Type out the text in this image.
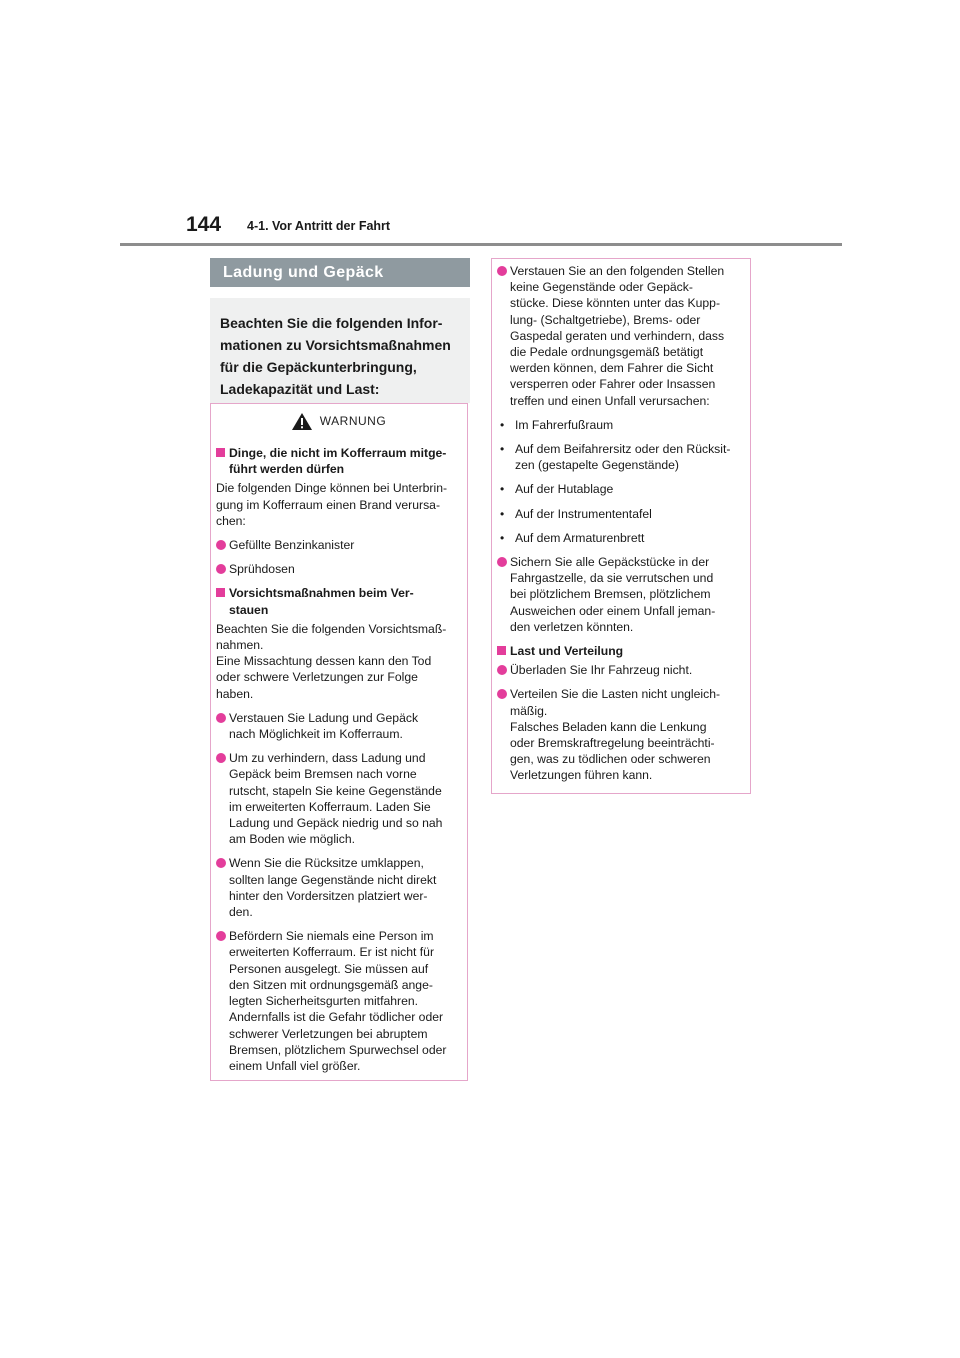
144 4-1. Vor Antritt der Fahrt
Ladung und Gepäck
Beachten Sie die folgenden Infor-
mationen zu Vorsichtsmaßnahmen
für die Gepäckunterbringung,
Ladekapazität und Last:
WARNUNG
Dinge, die nicht im Kofferraum mitge-
führt werden dürfen
Die folgenden Dinge können bei Unterbrin-
gung im Kofferraum einen Brand verursa-
chen:
Gefüllte Benzinkanister
Sprühdosen
Vorsichtsmaßnahmen beim Ver-
stauen
Beachten Sie die folgenden Vorsichtsmaß-
nahmen.
Eine Missachtung dessen kann den Tod
oder schwere Verletzungen zur Folge
haben.
Verstauen Sie Ladung und Gepäck
nach Möglichkeit im Kofferraum.
Um zu verhindern, dass Ladung und
Gepäck beim Bremsen nach vorne
rutscht, stapeln Sie keine Gegenstände
im erweiterten Kofferraum. Laden Sie
Ladung und Gepäck niedrig und so nah
am Boden wie möglich.
Wenn Sie die Rücksitze umklappen,
sollten lange Gegenstände nicht direkt
hinter den Vordersitzen platziert wer-
den.
Befördern Sie niemals eine Person im
erweiterten Kofferraum. Er ist nicht für
Personen ausgelegt. Sie müssen auf
den Sitzen mit ordnungsgemäß ange-
legten Sicherheitsgurten mitfahren.
Andernfalls ist die Gefahr tödlicher oder
schwerer Verletzungen bei abruptem
Bremsen, plötzlichem Spurwechsel oder
einem Unfall viel größer.
Verstauen Sie an den folgenden Stellen
keine Gegenstände oder Gepäck-
stücke. Diese könnten unter das Kupp-
lung- (Schaltgetriebe), Brems- oder
Gaspedal geraten und verhindern, dass
die Pedale ordnungsgemäß betätigt
werden können, dem Fahrer die Sicht
versperren oder Fahrer oder Insassen
treffen und einen Unfall verursachen:
• Im Fahrerfußraum
• Auf dem Beifahrersitz oder den Rücksit-
zen (gestapelte Gegenstände)
• Auf der Hutablage
• Auf der Instrumententafel
• Auf dem Armaturenbrett
Sichern Sie alle Gepäckstücke in der
Fahrgastzelle, da sie verrutschen und
bei plötzlichem Bremsen, plötzlichem
Ausweichen oder einem Unfall jeman-
den verletzen könnten.
Last und Verteilung
Überladen Sie Ihr Fahrzeug nicht.
Verteilen Sie die Lasten nicht ungleich-
mäßig.
Falsches Beladen kann die Lenkung
oder Bremskraftregelung beeinträchti-
gen, was zu tödlichen oder schweren
Verletzungen führen kann.
